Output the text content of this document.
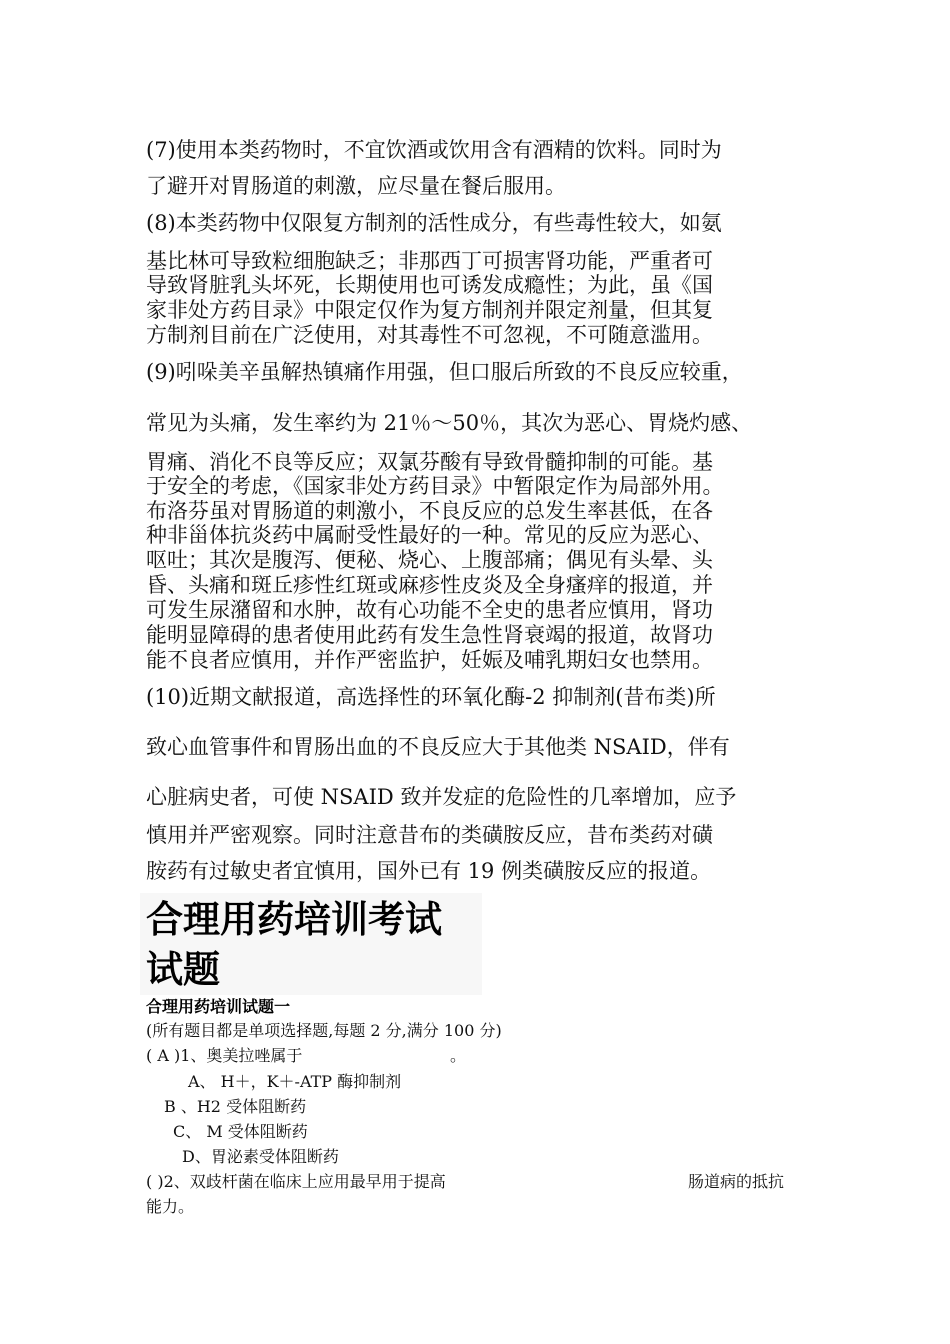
(7)使用本类药物时，不宜饮酒或饮用含有酒精的饮料。同时为
了避开对胃肠道的刺激，应尽量在餐后服用。
(8)本类药物中仅限复方制剂的活性成分，有些毒性较大，如氨
基比林可导致粒细胞缺乏；非那西丁可损害肾功能，严重者可
导致肾脏乳头坏死，长期使用也可诱发成瘾性；为此，虽《国
家非处方药目录》中限定仅作为复方制剂并限定剂量，但其复
方制剂目前在广泛使用，对其毒性不可忽视，不可随意滥用。
(9)吲哚美辛虽解热镇痛作用强，但口服后所致的不良反应较重，
常见为头痛，发生率约为 21％～50％，其次为恶心、胃烧灼感、
胃痛、消化不良等反应；双氯芬酸有导致骨髓抑制的可能。基
于安全的考虑，《国家非处方药目录》中暂限定作为局部外用。
布洛芬虽对胃肠道的刺激小，不良反应的总发生率甚低，在各
种非甾体抗炎药中属耐受性最好的一种。常见的反应为恶心、
呕吐；其次是腹泻、便秘、烧心、上腹部痛；偶见有头晕、头
昏、头痛和斑丘疹性红斑或麻疹性皮炎及全身瘙痒的报道，并
可发生尿潴留和水肿，故有心功能不全史的患者应慎用，肾功
能明显障碍的患者使用此药有发生急性肾衰竭的报道，故肾功
能不良者应慎用，并作严密监护，妊娠及哺乳期妇女也禁用。
(10)近期文献报道，高选择性的环氧化酶-2 抑制剂(昔布类)所
致心血管事件和胃肠出血的不良反应大于其他类 NSAID，伴有
心脏病史者，可使 NSAID 致并发症的危险性的几率增加，应予
慎用并严密观察。同时注意昔布的类磺胺反应，昔布类药对磺
胺药有过敏史者宜慎用，国外已有 19 例类磺胺反应的报道。
合理用药培训考试
试题
合理用药培训试题一
(所有题目都是单项选择题,每题 2 分,满分 100 分)
( A )1、奥美拉唑属于	。
A、 H＋，K＋-ATP 酶抑制剂
B 、H2 受体阻断药
C、 M 受体阻断药
D、胃泌素受体阻断药
( )2、双歧杆菌在临床上应用最早用于提高	肠道病的抵抗
能力。
